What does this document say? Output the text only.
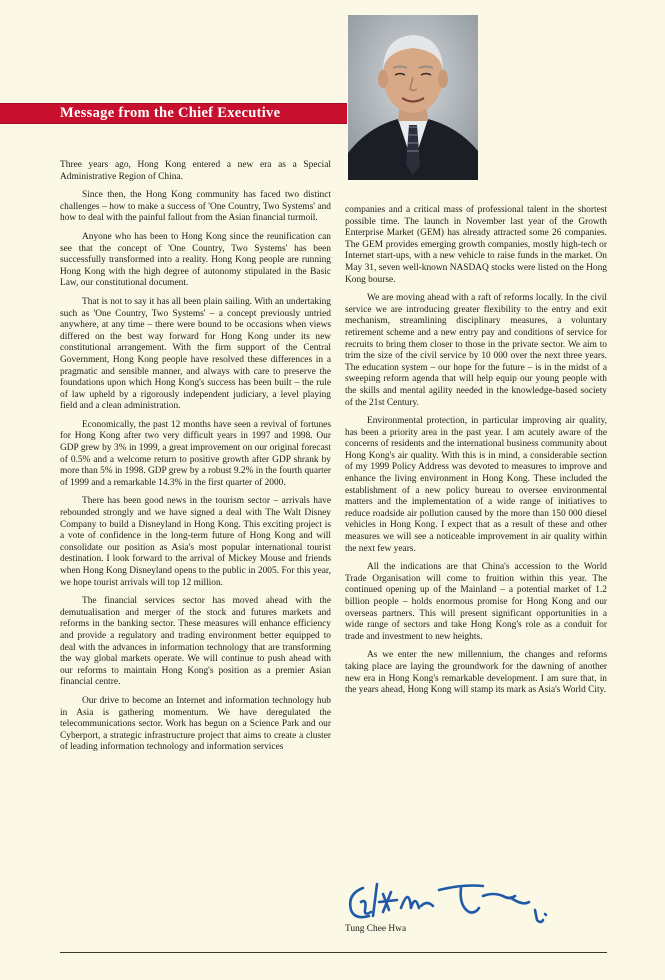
Message from the Chief Executive

Three years ago, Hong Kong entered a new era as a Special Administrative Region of China.

Since then, the Hong Kong community has faced two distinct challenges – how to make a success of 'One Country, Two Systems' and how to deal with the painful fallout from the Asian financial turmoil.

Anyone who has been to Hong Kong since the reunification can see that the concept of 'One Country, Two Systems' has been successfully transformed into a reality. Hong Kong people are running Hong Kong with the high degree of autonomy stipulated in the Basic Law, our constitutional document.

That is not to say it has all been plain sailing. With an undertaking such as 'One Country, Two Systems' – a concept previously untried anywhere, at any time – there were bound to be occasions when views differed on the best way forward for Hong Kong under its new constitutional arrangement. With the firm support of the Central Government, Hong Kong people have resolved these differences in a pragmatic and sensible manner, and always with care to preserve the foundations upon which Hong Kong's success has been built – the rule of law upheld by a rigorously independent judiciary, a level playing field and a clean administration.

Economically, the past 12 months have seen a revival of fortunes for Hong Kong after two very difficult years in 1997 and 1998. Our GDP grew by 3% in 1999, a great improvement on our original forecast of 0.5% and a welcome return to positive growth after GDP shrank by more than 5% in 1998. GDP grew by a robust 9.2% in the fourth quarter of 1999 and a remarkable 14.3% in the first quarter of 2000.

There has been good news in the tourism sector – arrivals have rebounded strongly and we have signed a deal with The Walt Disney Company to build a Disneyland in Hong Kong. This exciting project is a vote of confidence in the long-term future of Hong Kong and will consolidate our position as Asia's most popular international tourist destination. I look forward to the arrival of Mickey Mouse and friends when Hong Kong Disneyland opens to the public in 2005. For this year, we hope tourist arrivals will top 12 million.

The financial services sector has moved ahead with the demutualisation and merger of the stock and futures markets and reforms in the banking sector. These measures will enhance efficiency and provide a regulatory and trading environment better equipped to deal with the advances in information technology that are transforming the way global markets operate. We will continue to push ahead with our reforms to maintain Hong Kong's position as a premier Asian financial centre.

Our drive to become an Internet and information technology hub in Asia is gathering momentum. We have deregulated the telecommunications sector. Work has begun on a Science Park and our Cyberport, a strategic infrastructure project that aims to create a cluster of leading information technology and information services

companies and a critical mass of professional talent in the shortest possible time. The launch in November last year of the Growth Enterprise Market (GEM) has already attracted some 26 companies. The GEM provides emerging growth companies, mostly high-tech or Internet start-ups, with a new vehicle to raise funds in the market. On May 31, seven well-known NASDAQ stocks were listed on the Hong Kong bourse.

We are moving ahead with a raft of reforms locally. In the civil service we are introducing greater flexibility to the entry and exit mechanism, streamlining disciplinary measures, a voluntary retirement scheme and a new entry pay and conditions of service for recruits to bring them closer to those in the private sector. We aim to trim the size of the civil service by 10 000 over the next three years. The education system – our hope for the future – is in the midst of a sweeping reform agenda that will help equip our young people with the skills and mental agility needed in the knowledge-based society of the 21st Century.

Environmental protection, in particular improving air quality, has been a priority area in the past year. I am acutely aware of the concerns of residents and the international business community about Hong Kong's air quality. With this is in mind, a considerable section of my 1999 Policy Address was devoted to measures to improve and enhance the living environment in Hong Kong. These included the establishment of a new policy bureau to oversee environmental matters and the implementation of a wide range of initiatives to reduce roadside air pollution caused by the more than 150 000 diesel vehicles in Hong Kong. I expect that as a result of these and other measures we will see a noticeable improvement in air quality within the next few years.

All the indications are that China's accession to the World Trade Organisation will come to fruition within this year. The continued opening up of the Mainland – a potential market of 1.2 billion people – holds enormous promise for Hong Kong and our overseas partners. This will present significant opportunities in a wide range of sectors and take Hong Kong's role as a conduit for trade and investment to new heights.

As we enter the new millennium, the changes and reforms taking place are laying the groundwork for the dawning of another new era in Hong Kong's remarkable development. I am sure that, in the years ahead, Hong Kong will stamp its mark as Asia's World City.

Tung Chee Hwa
